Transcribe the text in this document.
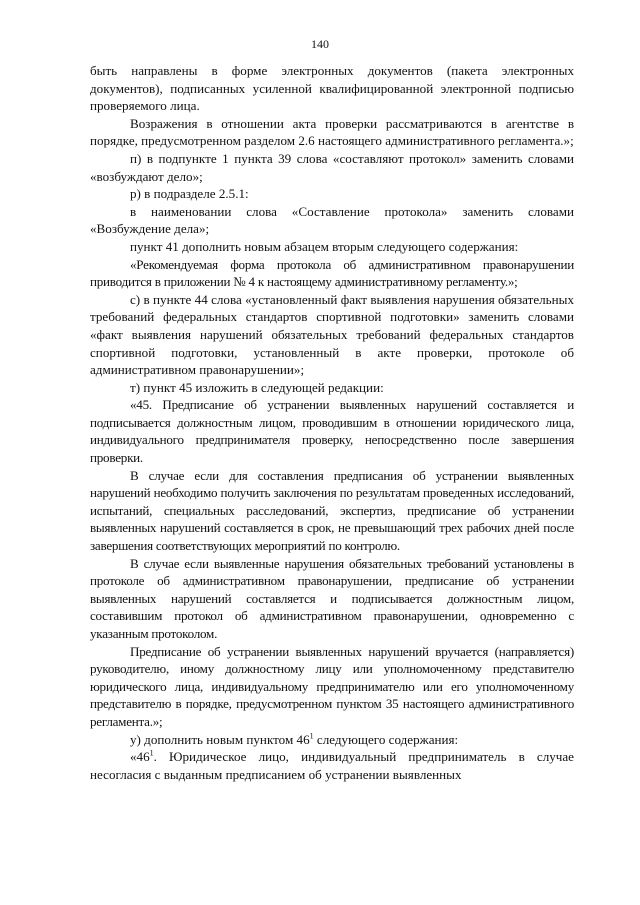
140

быть направлены в форме электронных документов (пакета электронных документов), подписанных усиленной квалифицированной электронной подписью проверяемого лица.

Возражения в отношении акта проверки рассматриваются в агентстве в порядке, предусмотренном разделом 2.6 настоящего административного регламента.»;

п) в подпункте 1 пункта 39 слова «составляют протокол» заменить словами «возбуждают дело»;

р) в подразделе 2.5.1:

в наименовании слова «Составление протокола» заменить словами «Возбуждение дела»;

пункт 41 дополнить новым абзацем вторым следующего содержания:

«Рекомендуемая форма протокола об административном правонарушении приводится в приложении № 4 к настоящему административному регламенту.»;

с) в пункте 44 слова «установленный факт выявления нарушения обязательных требований федеральных стандартов спортивной подготовки» заменить словами «факт выявления нарушений обязательных требований федеральных стандартов спортивной подготовки, установленный в акте проверки, протоколе об административном правонарушении»;

т) пункт 45 изложить в следующей редакции:

«45. Предписание об устранении выявленных нарушений составляется и подписывается должностным лицом, проводившим в отношении юридического лица, индивидуального предпринимателя проверку, непосредственно после завершения проверки.

В случае если для составления предписания об устранении выявленных нарушений необходимо получить заключения по результатам проведенных исследований, испытаний, специальных расследований, экспертиз, предписание об устранении выявленных нарушений составляется в срок, не превышающий трех рабочих дней после завершения соответствующих мероприятий по контролю.

В случае если выявленные нарушения обязательных требований установлены в протоколе об административном правонарушении, предписание об устранении выявленных нарушений составляется и подписывается должностным лицом, составившим протокол об административном правонарушении, одновременно с указанным протоколом.

Предписание об устранении выявленных нарушений вручается (направляется) руководителю, иному должностному лицу или уполномоченному представителю юридического лица, индивидуальному предпринимателю или его уполномоченному представителю в порядке, предусмотренном пунктом 35 настоящего административного регламента.»;

у) дополнить новым пунктом $46^1$ следующего содержания:

«$46^1$. Юридическое лицо, индивидуальный предприниматель в случае несогласия с выданным предписанием об устранении выявленных
